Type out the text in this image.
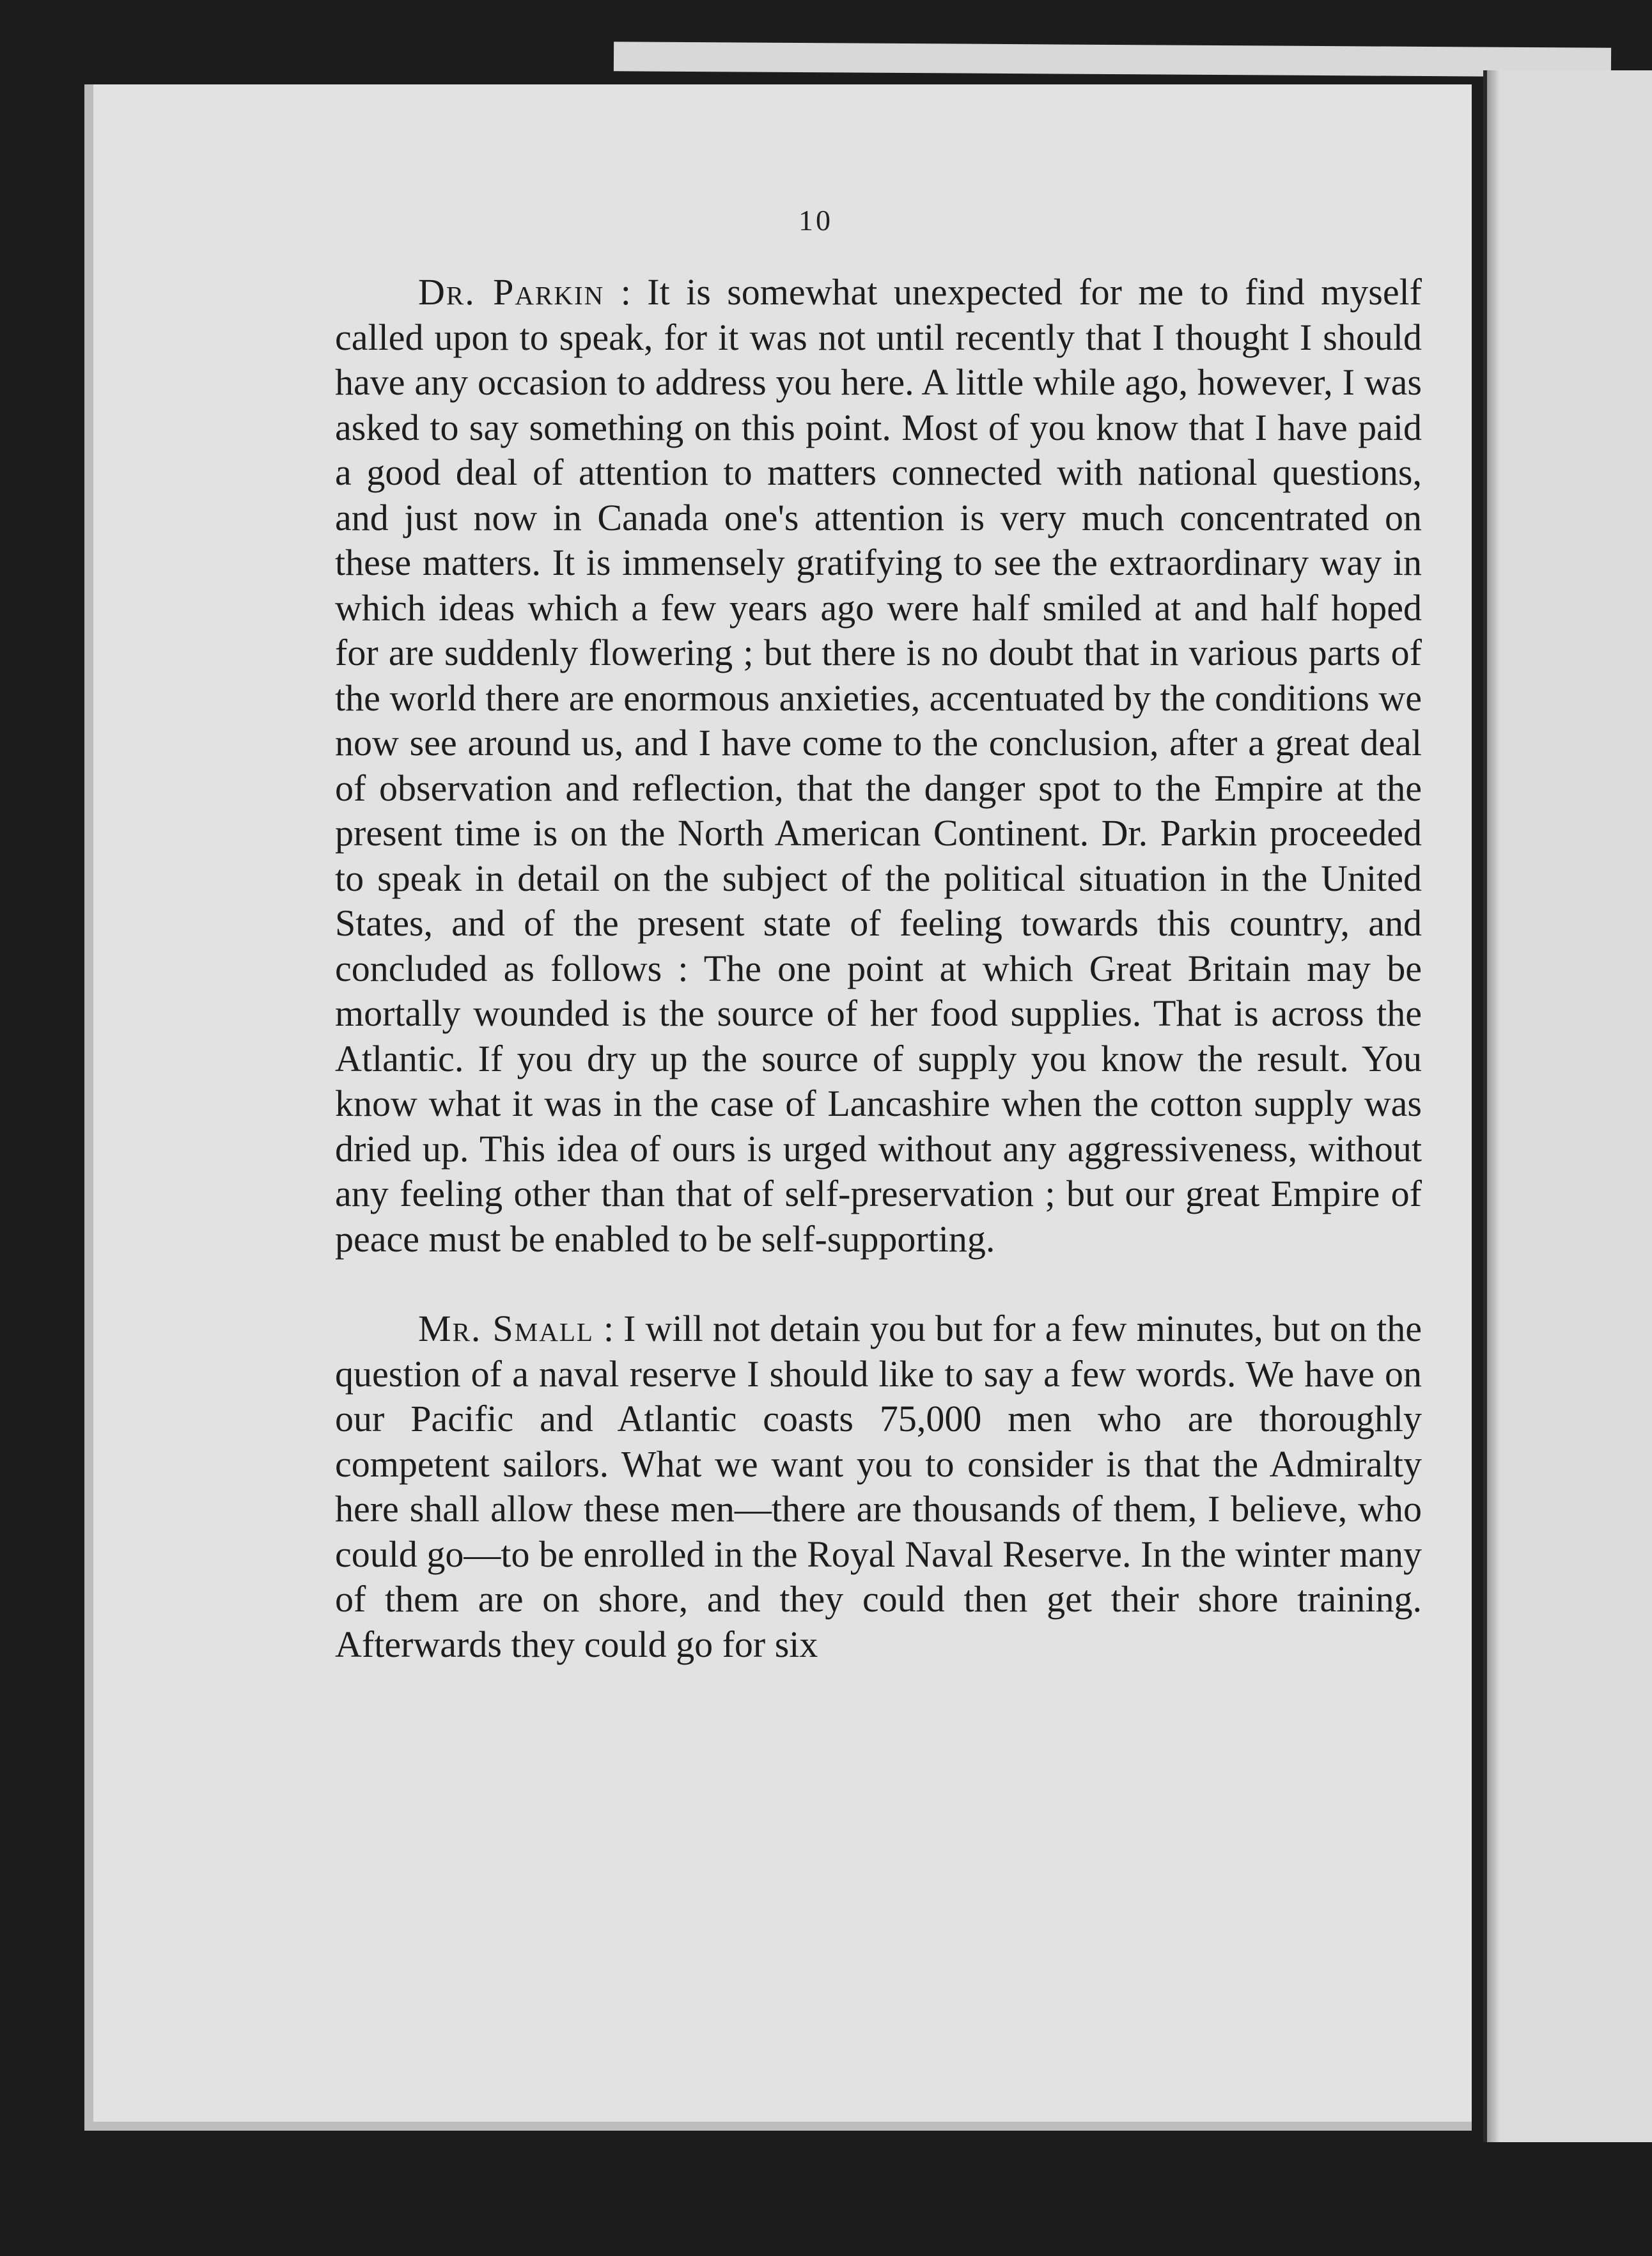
10

Dr. Parkin : It is somewhat unexpected for me to find myself called upon to speak, for it was not until recently that I thought I should have any occasion to address you here. A little while ago, however, I was asked to say something on this point. Most of you know that I have paid a good deal of attention to matters connected with national questions, and just now in Canada one's attention is very much concentrated on these matters. It is immensely gratifying to see the extraordinary way in which ideas which a few years ago were half smiled at and half hoped for are suddenly flowering ; but there is no doubt that in various parts of the world there are enormous anxieties, accentuated by the conditions we now see around us, and I have come to the conclusion, after a great deal of observation and reflection, that the danger spot to the Empire at the present time is on the North American Continent. Dr. Parkin proceeded to speak in detail on the subject of the political situation in the United States, and of the present state of feeling towards this country, and concluded as follows : The one point at which Great Britain may be mortally wounded is the source of her food supplies. That is across the Atlantic. If you dry up the source of supply you know the result. You know what it was in the case of Lancashire when the cotton supply was dried up. This idea of ours is urged without any aggressiveness, without any feeling other than that of self-preservation ; but our great Empire of peace must be enabled to be self-supporting.

Mr. Small : I will not detain you but for a few minutes, but on the question of a naval reserve I should like to say a few words. We have on our Pacific and Atlantic coasts 75,000 men who are thoroughly competent sailors. What we want you to consider is that the Admiralty here shall allow these men—there are thousands of them, I believe, who could go—to be enrolled in the Royal Naval Reserve. In the winter many of them are on shore, and they could then get their shore training. Afterwards they could go for six
